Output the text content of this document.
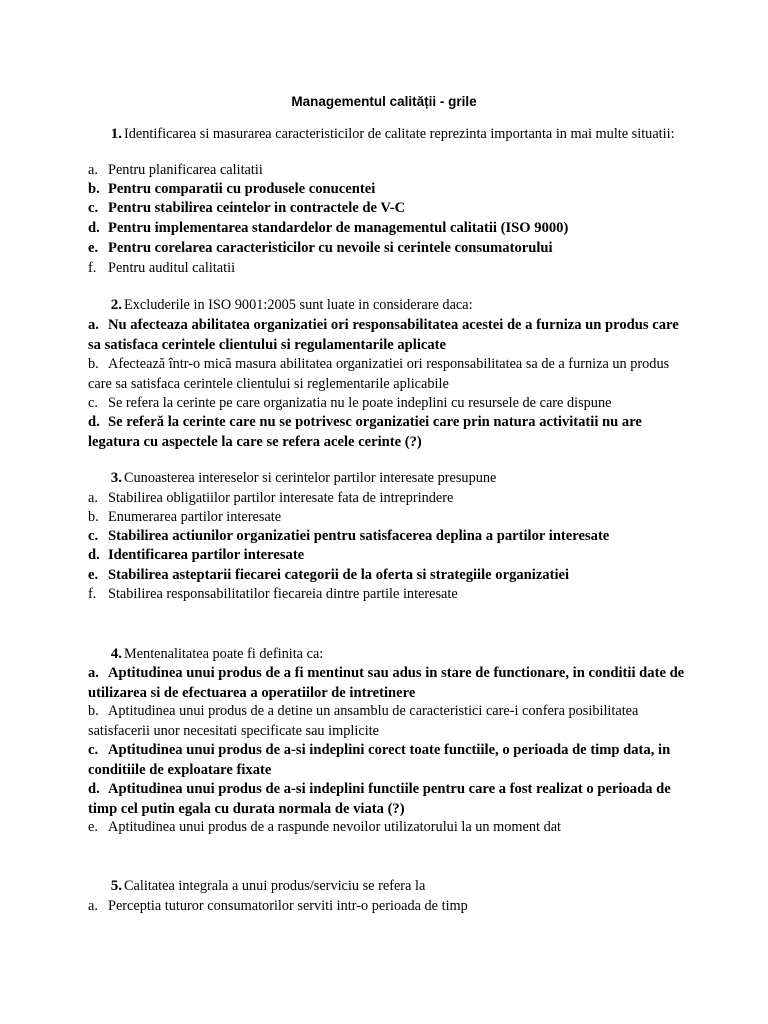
Managementul calității - grile
1. Identificarea si masurarea caracteristicilor de calitate reprezinta importanta in mai multe situatii:
a. Pentru planificarea calitatii
b. Pentru comparatii cu produsele conucentei
c. Pentru stabilirea ceintelor in contractele de V-C
d. Pentru implementarea standardelor de managementul calitatii (ISO 9000)
e. Pentru corelarea caracteristicilor cu nevoile si cerintele consumatorului
f. Pentru auditul calitatii
2. Excluderile in ISO 9001:2005 sunt luate in considerare daca:
a. Nu afecteaza abilitatea organizatiei ori responsabilitatea acestei de a furniza un produs care sa satisfaca cerintele clientului si regulamentarile aplicate
b. Afectează într-o mică masura abilitatea organizatiei ori responsabilitatea sa de a furniza un produs care sa satisfaca cerintele clientului si reglementarile aplicabile
c. Se refera la cerinte pe care organizatia nu le poate indeplini cu resursele de care dispune
d. Se referă la cerinte care nu se potrivesc organizatiei care prin natura activitatii nu are legatura cu aspectele la care se refera acele cerinte (?)
3. Cunoasterea intereselor si cerintelor partilor interesate presupune
a. Stabilirea obligatiilor partilor interesate fata de intreprindere
b. Enumerarea partilor interesate
c. Stabilirea actiunilor organizatiei pentru satisfacerea deplina a partilor interesate
d. Identificarea partilor interesate
e. Stabilirea asteptarii fiecarei categorii de la oferta si strategiile organizatiei
f. Stabilirea responsabilitatilor fiecareia dintre partile interesate
4. Mentenalitatea poate fi definita ca:
a. Aptitudinea unui produs de a fi mentinut sau adus in stare de functionare, in conditii date de utilizarea si de efectuarea a operatiilor de intretinere
b. Aptitudinea unui produs de a detine un ansamblu de caracteristici care-i confera posibilitatea satisfacerii unor necesitati specificate sau implicite
c. Aptitudinea unui produs de a-si indeplini corect toate functiile, o perioada de timp data, in conditiile de exploatare fixate
d. Aptitudinea unui produs de a-si indeplini functiile pentru care a fost realizat o perioada de timp cel putin egala cu durata normala de viata (?)
e. Aptitudinea unui produs de a raspunde nevoilor utilizatorului la un moment dat
5. Calitatea integrala a unui produs/serviciu se refera la
a. Perceptia tuturor consumatorilor serviti intr-o perioada de timp
